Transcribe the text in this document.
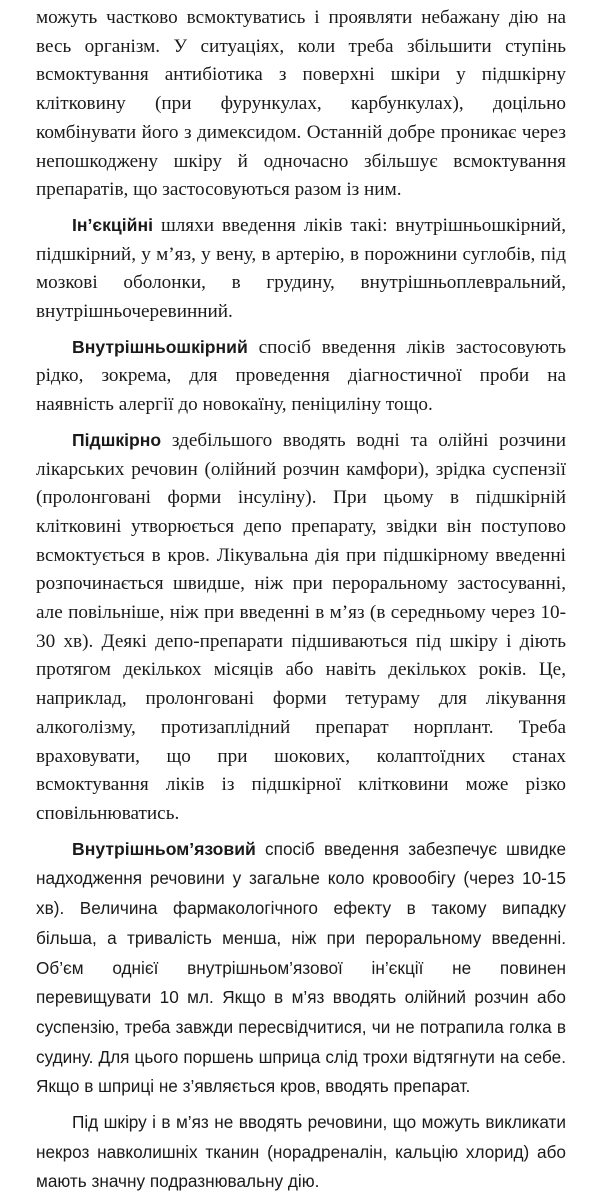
можуть частково всмоктуватись і проявляти небажану дію на весь організм. У ситуаціях, коли треба збільшити ступінь всмоктування антибіотика з поверхні шкіри у підшкірну клітковину (при фурункулах, карбункулах), доцільно комбінувати його з димексидом. Останній добре проникає через непошкоджену шкіру й одночасно збільшує всмоктування препаратів, що застосовуються разом із ним.

Ін’єкційні шляхи введення ліків такі: внутрішньошкірний, підшкірний, у м’яз, у вену, в артерію, в порожнини суглобів, під мозкові оболонки, в грудину, внутрішньоплевральний, внутрішньочеревинний.

Внутрішньошкірний спосіб введення ліків застосовують рідко, зокрема, для проведення діагностичної проби на наявність алергії до новокаїну, пеніциліну тощо.

Підшкірно здебільшого вводять водні та олійні розчини лікарських речовин (олійний розчин камфори), зрідка суспензії (пролонговані форми інсуліну). При цьому в підшкірній клітковині утворюється депо препарату, звідки він поступово всмоктується в кров. Лікувальна дія при підшкірному введенні розпочинається швидше, ніж при пероральному застосуванні, але повільніше, ніж при введенні в м’яз (в середньому через 10-30 хв). Деякі депо-препарати підшиваються під шкіру і діють протягом декількох місяців або навіть декількох років. Це, наприклад, пролонговані форми тетураму для лікування алкоголізму, протизаплідний препарат норплант. Треба враховувати, що при шокових, колаптоїдних станах всмоктування ліків із підшкірної клітковини може різко сповільнюватись.

Внутрішньом’язовий спосіб введення забезпечує швидке надходження речовини у загальне коло кровообігу (через 10-15 хв). Величина фармакологічного ефекту в такому випадку більша, а тривалість менша, ніж при пероральному введенні. Об’єм однієї внутрішньом’язової ін’єкції не повинен перевищувати 10 мл. Якщо в м’яз вводять олійний розчин або суспензію, треба завжди пересвідчитися, чи не потрапила голка в судину. Для цього поршень шприца слід трохи відтягнути на себе. Якщо в шприці не з’являється кров, вводять препарат.

Під шкіру і в м’яз не вводять речовини, що можуть викликати некроз навколишніх тканин (норадреналін, кальцію хлорид) або мають значну подразнювальну дію.
